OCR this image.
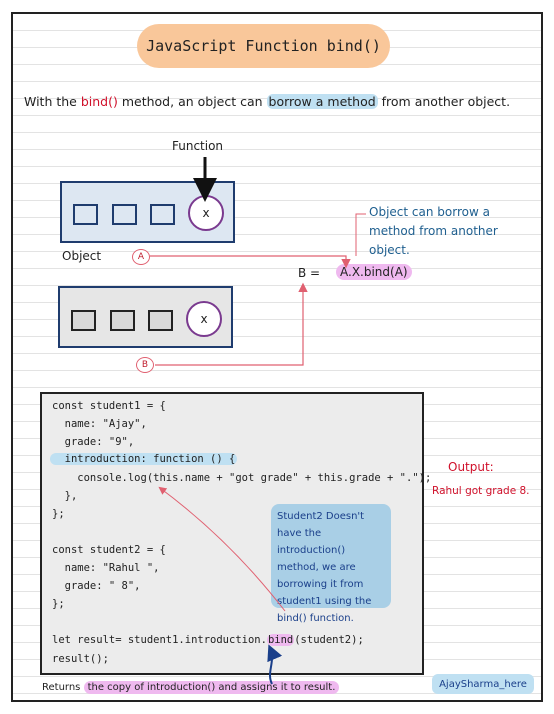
JavaScript Function bind()
With the bind() method, an object can borrow a method from another object.
Function
x
Object	A
x
B
B =	A.X.bind(A)
Object can borrow a method from another object.
const student1 = {
name: "Ajay",
grade: "9",
introduction: function () {
console.log(this.name + "got grade" + this.grade + ".");
},
};
const student2 = {
name: "Rahul ",
grade: " 8",
};
let result= student1.introduction.bind(student2);
result();
Student2 Doesn't have the introduction() method, we are borrowing it from student1 using the bind() function.
Output:
Rahul got grade 8.
Returns the copy of introduction() and assigns it to result.	AjaySharma_here
